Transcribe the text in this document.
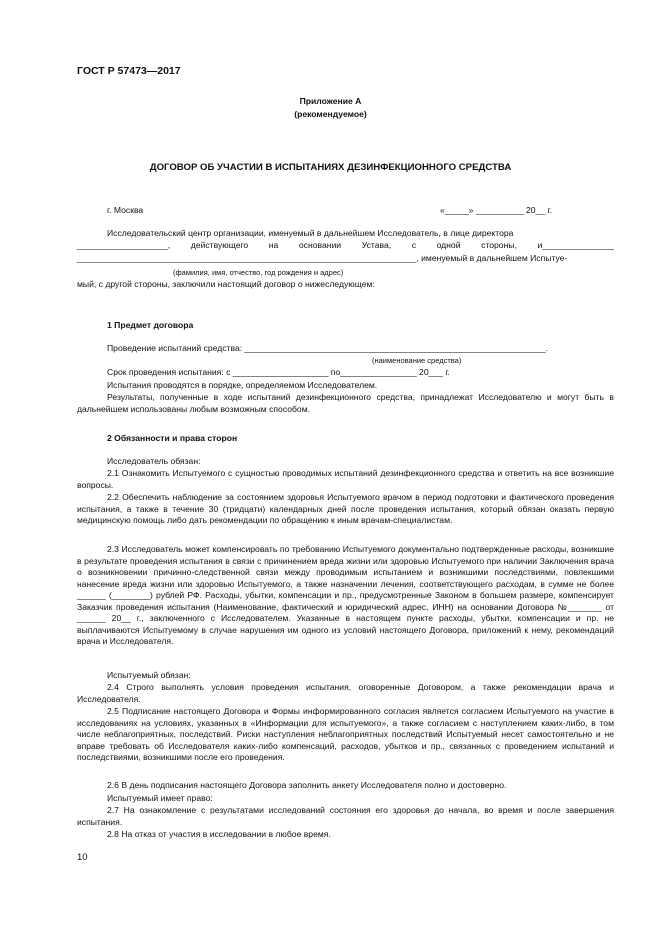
ГОСТ Р 57473—2017
Приложение А
(рекомендуемое)
ДОГОВОР ОБ УЧАСТИИ В ИСПЫТАНИЯХ ДЕЗИНФЕКЦИОННОГО СРЕДСТВА
г. Москва	«_____» __________ 20__ г.
Исследовательский центр организации, именуемый в дальнейшем Исследователь, в лице директора
___________________, действующего на основании Устава, с одной стороны, и_______________
_______________________________________________________________________, именуемый в дальнейшем Испытуе-
(фамилия, имя, отчество, год рождения и адрес)
мый, с другой стороны, заключили настоящий договор о нижеследующем:
1 Предмет договора
Проведение испытаний средства: _______________________________________________________________.
(наименование средства)
Срок проведения испытания: с ____________________ по________________ 20___ г.
Испытания проводятся в порядке, определяемом Исследователем.
Результаты, полученные в ходе испытаний дезинфекционного средства, принадлежат Исследователю и могут быть в дальнейшем использованы любым возможным способом.
2 Обязанности и права сторон
Исследователь обязан:
2.1 Ознакомить Испытуемого с сущностью проводимых испытаний дезинфекционного средства и ответить на все возникшие вопросы.
2.2 Обеспечить наблюдение за состоянием здоровья Испытуемого врачом в период подготовки и фактического проведения испытания, а также в течение 30 (тридцати) календарных дней после проведения испытания, который обязан оказать первую медицинскую помощь либо дать рекомендации по обращению к иным врачам-специалистам.
2.3 Исследователь может компенсировать по требованию Испытуемого документально подтвержденные расходы, возникшие в результате проведения испытания в связи с причинением вреда жизни или здоровью Испытуемого при наличии Заключения врача о возникновении причинно-следственной связи между проводимым испытанием и возникшими последствиями, повлекшими нанесение вреда жизни или здоровью Испытуемого, а также назначении лечения, соответствующего расходам, в сумме не более ______ (________) рублей РФ. Расходы, убытки, компенсации и пр., предусмотренные Законом в большем размере, компенсирует Заказчик проведения испытания (Наименование, фактический и юридический адрес, ИНН) на основании Договора №_______ от ______ 20__ г., заключенного с Исследователем. Указанные в настоящем пункте расходы, убытки, компенсации и пр. не выплачиваются Испытуемому в случае нарушения им одного из условий настоящего Договора, приложений к нему, рекомендаций врача и Исследователя.
Испытуемый обязан:
2.4 Строго выполнять условия проведения испытания, оговоренные Договором, а также рекомендации врача и Исследователя.
2.5 Подписание настоящего Договора и Формы информированного согласия является согласием Испытуемого на участие в исследованиях на условиях, указанных в «Информации для испытуемого», а также согласием с наступлением каких-либо, в том числе неблагоприятных, последствий. Риски наступления неблагоприятных последствий Испытуемый несет самостоятельно и не вправе требовать об Исследователя каких-либо компенсаций, расходов, убытков и пр., связанных с проведением испытаний и последствиями, возникшими после его проведения.
2.6 В день подписания настоящего Договора заполнить анкету Исследователя полно и достоверно.
Испытуемый имеет право:
2.7 На ознакомление с результатами исследований состояния его здоровья до начала, во время и после завершения испытания.
2.8 На отказ от участия в исследовании в любое время.
10
